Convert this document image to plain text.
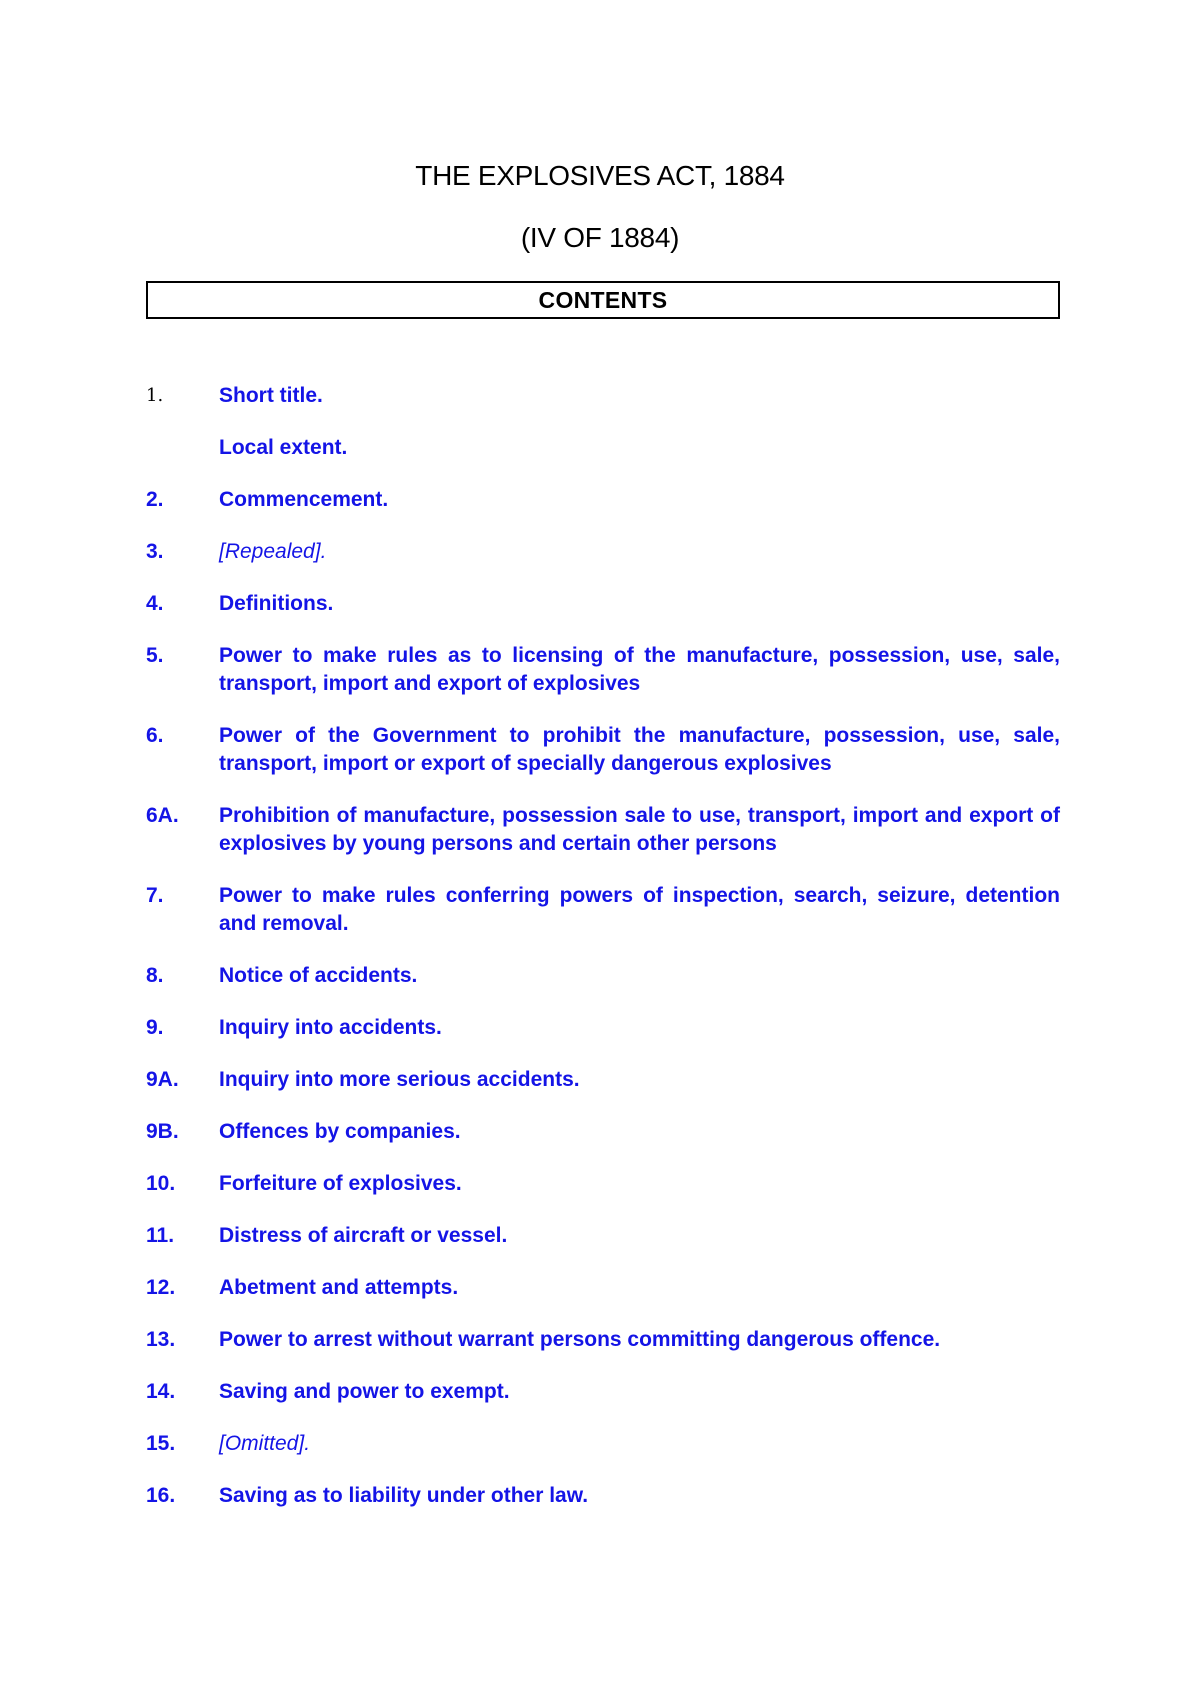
THE EXPLOSIVES ACT, 1884
(IV OF 1884)
CONTENTS
1.	Short title.
Local extent.
2.	Commencement.
3.	[Repealed].
4.	Definitions.
5.	Power to make rules as to licensing of the manufacture, possession, use, sale, transport, import and export of explosives
6.	Power of the Government to prohibit the manufacture, possession, use, sale, transport, import or export of specially dangerous explosives
6A.	Prohibition of manufacture, possession sale to use, transport, import and export of explosives by young persons and certain other persons
7.	Power to make rules conferring powers of inspection, search, seizure, detention and removal.
8.	Notice of accidents.
9.	Inquiry into accidents.
9A.	Inquiry into more serious accidents.
9B.	Offences by companies.
10.	Forfeiture of explosives.
11.	Distress of aircraft or vessel.
12.	Abetment and attempts.
13.	Power to arrest without warrant persons committing dangerous offence.
14.	Saving and power to exempt.
15.	[Omitted].
16.	Saving as to liability under other law.
